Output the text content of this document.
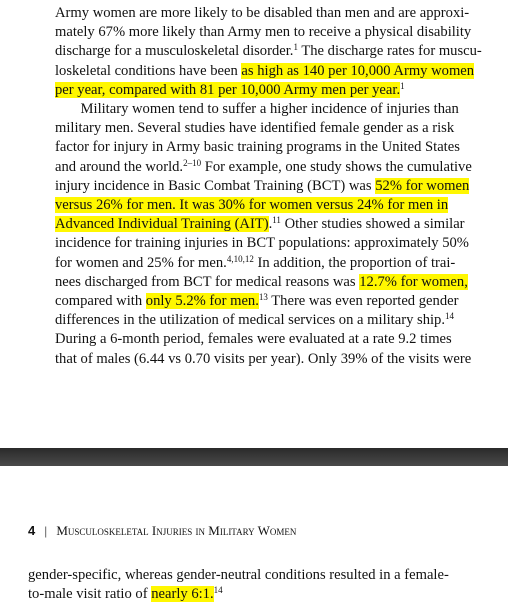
Army women are more likely to be disabled than men and are approxi-
mately 67% more likely than Army men to receive a physical disability
discharge for a musculoskeletal disorder.$^1$ The discharge rates for muscu-
loskeletal conditions have been as high as 140 per 10,000 Army women
per year, compared with 81 per 10,000 Army men per year.$^1$
Military women tend to suffer a higher incidence of injuries than
military men. Several studies have identified female gender as a risk
factor for injury in Army basic training programs in the United States
and around the world.$^{2-10}$ For example, one study shows the cumulative
injury incidence in Basic Combat Training (BCT) was 52% for women
versus 26% for men. It was 30% for women versus 24% for men in
Advanced Individual Training (AIT).$^{11}$ Other studies showed a similar
incidence for training injuries in BCT populations: approximately 50%
for women and 25% for men.$^{4,10,12}$ In addition, the proportion of trai-
nees discharged from BCT for medical reasons was 12.7% for women,
compared with only 5.2% for men.$^{13}$ There was even reported gender
differences in the utilization of medical services on a military ship.$^{14}$
During a 6-month period, females were evaluated at a rate 9.2 times
that of males (6.44 vs 0.70 visits per year). Only 39% of the visits were
4 | Musculoskeletal Injuries in Military Women
gender-specific, whereas gender-neutral conditions resulted in a female-
to-male visit ratio of nearly 6:1.14
